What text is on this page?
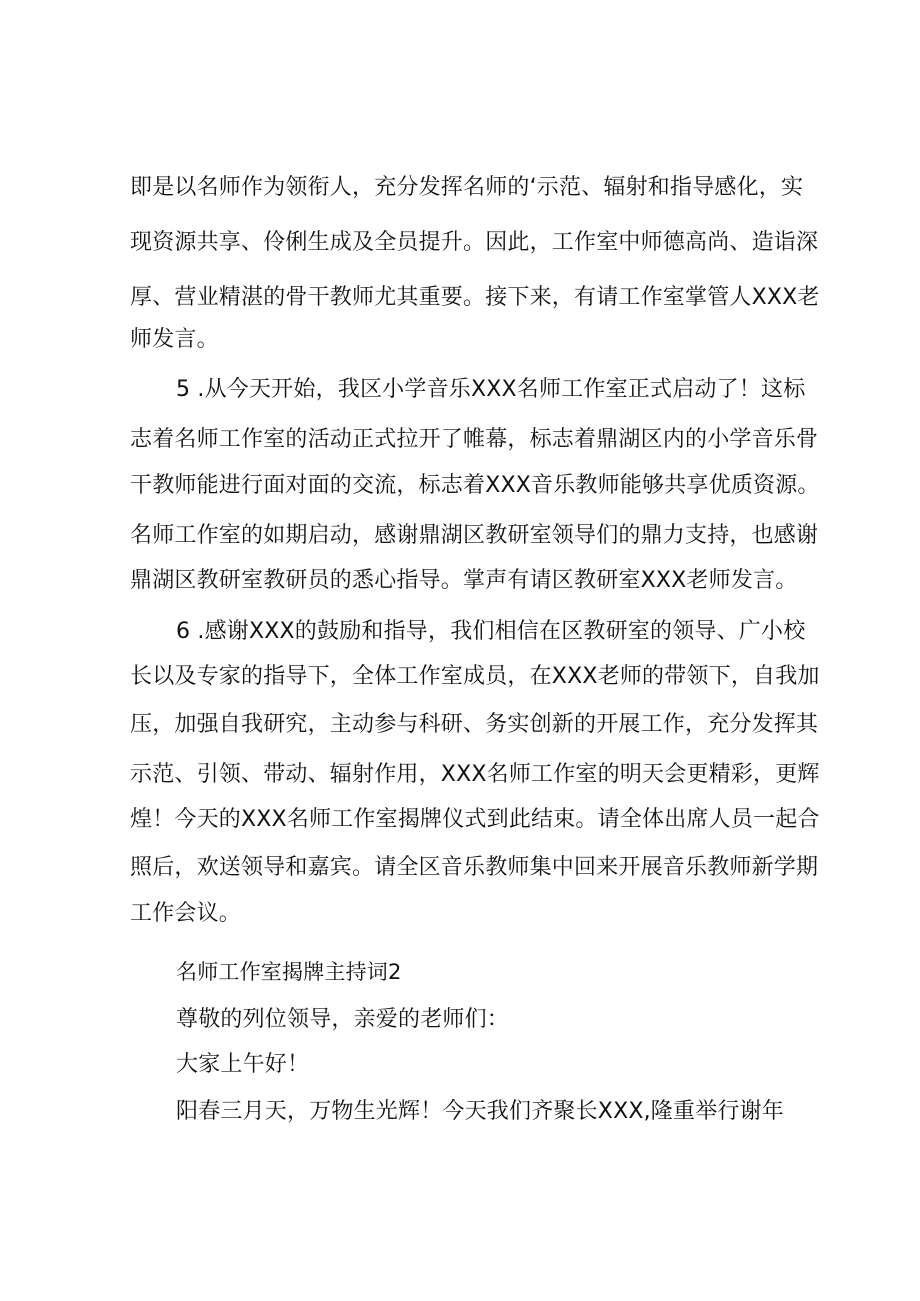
即是以名师作为领衔人，充分发挥名师的‘示范、辐射和指导感化，实
现资源共享、伶俐生成及全员提升。因此，工作室中师德高尚、造诣深
厚、营业精湛的骨干教师尤其重要。接下来，有请工作室掌管人XXX老
师发言。
5 .从今天开始，我区小学音乐XXX名师工作室正式启动了！这标
志着名师工作室的活动正式拉开了帷幕，标志着鼎湖区内的小学音乐骨
干教师能进行面对面的交流，标志着XXX音乐教师能够共享优质资源。
名师工作室的如期启动，感谢鼎湖区教研室领导们的鼎力支持，也感谢
鼎湖区教研室教研员的悉心指导。掌声有请区教研室XXX老师发言。
6 .感谢XXX的鼓励和指导，我们相信在区教研室的领导、广小校
长以及专家的指导下，全体工作室成员，在XXX老师的带领下，自我加
压，加强自我研究，主动参与科研、务实创新的开展工作，充分发挥其
示范、引领、带动、辐射作用，XXX名师工作室的明天会更精彩，更辉
煌！今天的XXX名师工作室揭牌仪式到此结束。请全体出席人员一起合
照后，欢送领导和嘉宾。请全区音乐教师集中回来开展音乐教师新学期
工作会议。
名师工作室揭牌主持词2
尊敬的列位领导，亲爱的老师们：
大家上午好！
阳春三月天，万物生光辉！今天我们齐聚长XXX,隆重举行谢年
